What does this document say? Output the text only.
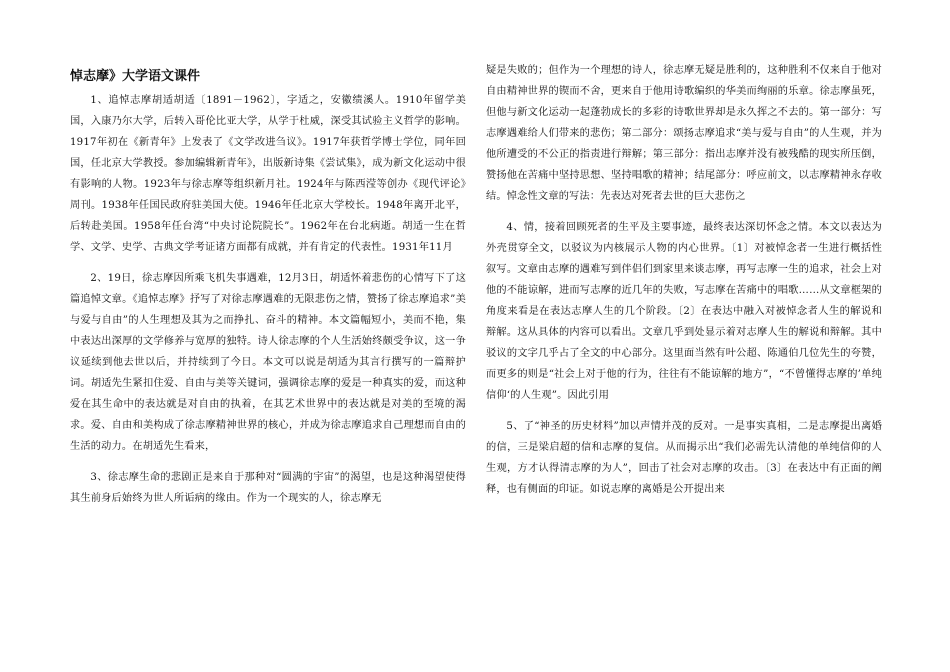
悼志摩》大学语文课件

1、追悼志摩胡适胡适〔1891－1962〕，字适之，安徽绩溪人。1910年留学美国，入康乃尔大学，后转入哥伦比亚大学，从学于杜威，深受其试验主义哲学的影响。1917年初在《新青年》上发表了《文学改进刍议》。1917年获哲学博士学位，同年回国，任北京大学教授。参加编辑新青年》，出版新诗集《尝试集》，成为新文化运动中很有影响的人物。1923年与徐志摩等组织新月社。1924年与陈西滢等创办《现代评论》周刊。1938年任国民政府驻美国大使。1946年任北京大学校长。1948年离开北平，后转赴美国。1958年任台湾“中央讨论院院长”。1962年在台北病逝。胡适一生在哲学、文学、史学、古典文学考证诸方面都有成就，并有肯定的代表性。1931年11月

2、19日，徐志摩因所乘飞机失事遇难，12月3日，胡适怀着悲伤的心情写下了这篇追悼文章。《追悼志摩》抒写了对徐志摩遇难的无限悲伤之情，赞扬了徐志摩追求”美与爱与自由”的人生理想及其为之而挣扎、奋斗的精神。本文篇幅短小，美而不艳，集中表达出深厚的文学修养与宽厚的独特。诗人徐志摩的个人生活始终颇受争议，这一争议延续到他去世以后，并持续到了今日。本文可以说是胡适为其言行撰写的一篇辩护词。胡适先生紧扣住爱、自由与美等关键词，强调徐志摩的爱是一种真实的爱，而这种爱在其生命中的表达就是对自由的执着，在其艺术世界中的表达就是对美的至境的渴求。爱、自由和美构成了徐志摩精神世界的核心，并成为徐志摩追求自己理想而自由的生活的动力。在胡适先生看来，

3、徐志摩生命的悲剧正是来自于那种对“圆满的宇宙”的渴望，也是这种渴望使得其生前身后始终为世人所诟病的缘由。作为一个现实的人，徐志摩无

疑是失败的；但作为一个理想的诗人，徐志摩无疑是胜利的，这种胜利不仅来自于他对自由精神世界的锲而不舍，更来自于他用诗歌编织的华美而绚丽的乐章。徐志摩虽死，但他与新文化运动一起蓬勃成长的多彩的诗歌世界却是永久挥之不去的。第一部分：写志摩遇难给人们带来的悲伤；第二部分：颂扬志摩追求“美与爱与自由”的人生观，并为他所遭受的不公正的指责进行辩解；第三部分：指出志摩并没有被残酷的现实所压倒，赞扬他在苦痛中坚持思想、坚持唱歌的精神；结尾部分：呼应前文，以志摩精神永存收结。悼念性文章的写法：先表达对死者去世的巨大悲伤之

4、情，接着回顾死者的生平及主要事迹，最终表达深切怀念之情。本文以表达为外壳贯穿全文，以驳议为内核展示人物的内心世界。〔1〕对被悼念者一生进行概括性叙写。文章由志摩的遇难写到伴侣们到家里来谈志摩，再写志摩一生的追求，社会上对他的不能谅解，进而写志摩的近几年的失败，写志摩在苦痛中的唱歌……从文章框架的角度来看是在表达志摩人生的几个阶段。〔2〕在表达中融入对被悼念者人生的解说和辩解。这从具体的内容可以看出。文章几乎到处显示着对志摩人生的解说和辩解。其中驳议的文字几乎占了全文的中心部分。这里面当然有叶公超、陈通伯几位先生的夸赞，而更多的则是“社会上对于他的行为，往往有不能谅解的地方”，“不曾懂得志摩的’单纯信仰‘的人生观”。因此引用

5、了“神圣的历史材料”加以声情并茂的反对。一是事实真相，二是志摩提出离婚的信，三是梁启超的信和志摩的复信。从而揭示出“我们必需先认清他的单纯信仰的人生观，方才认得清志摩的为人”，回击了社会对志摩的攻击。〔3〕在表达中有正面的阐释，也有侧面的印证。如说志摩的离婚是公开提出来
